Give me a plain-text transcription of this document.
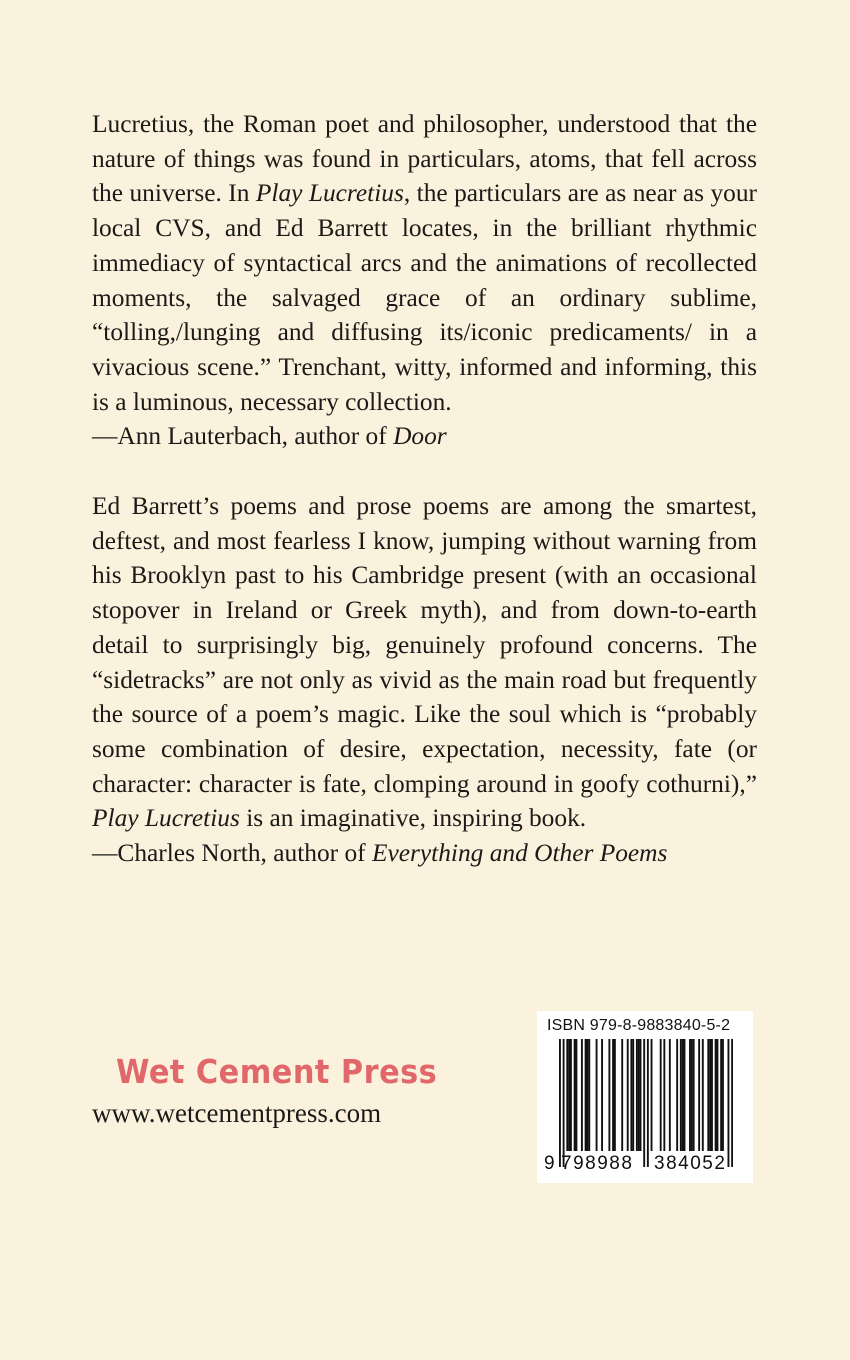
Lucretius, the Roman poet and philosopher, understood that the nature of things was found in particulars, atoms, that fell across the universe. In Play Lucretius, the particulars are as near as your local CVS, and Ed Barrett locates, in the brilliant rhythmic immediacy of syntactical arcs and the animations of recollected moments, the salvaged grace of an ordinary sublime, “tolling,/lunging and diffusing its/iconic predicaments/ in a vivacious scene.” Trenchant, witty, informed and informing, this is a luminous, necessary collection.

—Ann Lauterbach, author of Door

Ed Barrett’s poems and prose poems are among the smartest, deftest, and most fearless I know, jumping without warning from his Brooklyn past to his Cambridge present (with an occasional stopover in Ireland or Greek myth), and from down-to-earth detail to surprisingly big, genuinely profound concerns. The “sidetracks” are not only as vivid as the main road but frequently the source of a poem’s magic. Like the soul which is “probably some combination of desire, expectation, necessity, fate (or character: character is fate, clomping around in goofy cothurni),” Play Lucretius is an imaginative, inspiring book.

—Charles North, author of Everything and Other Poems

Wet Cement Press
www.wetcementpress.com
ISBN 979-8-9883840-5-2
9 798988 384052
